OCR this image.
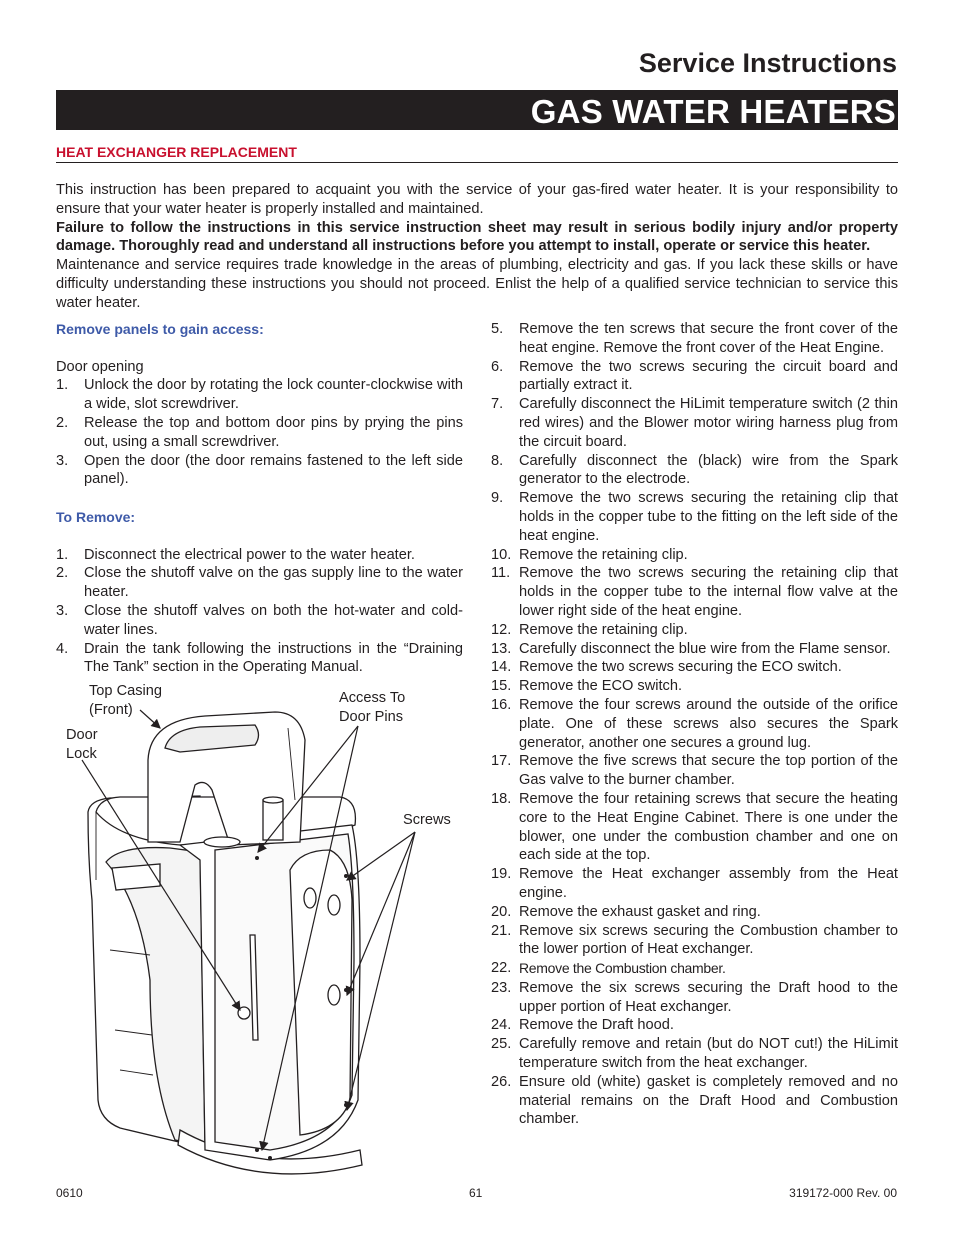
Service Instructions
GAS WATER HEATERS
HEAT EXCHANGER REPLACEMENT

This instruction has been prepared to acquaint you with the service of your gas-fired water heater. It is your responsibility to ensure that your water heater is properly installed and maintained.

Failure to follow the instructions in this service instruction sheet may result in serious bodily injury and/or property damage. Thoroughly read and understand all instructions before you attempt to install, operate or service this heater.

Maintenance and service requires trade knowledge in the areas of plumbing, electricity and gas. If you lack these skills or have difficulty understanding these instructions you should not proceed. Enlist the help of a qualified service technician to service this water heater.

Remove panels to gain access:
Door opening
1. Unlock the door by rotating the lock counter-clockwise with a wide, slot screwdriver.
2. Release the top and bottom door pins by prying the pins out, using a small screwdriver.
3. Open the door (the door remains fastened to the left side panel).
To Remove:
1. Disconnect the electrical power to the water heater.
2. Close the shutoff valve on the gas supply line to the water heater.
3. Close the shutoff valves on both the hot-water and cold-water lines.
4. Drain the tank following the instructions in the “Draining The Tank” section in the Operating Manual.
Top Casing
(Front)
Door
Lock
Access To
Door Pins
Screws
5. Remove the ten screws that secure the front cover of the heat engine. Remove the front cover of the Heat Engine.
6. Remove the two screws securing the circuit board and partially extract it.
7. Carefully disconnect the HiLimit temperature switch (2 thin red wires) and the Blower motor wiring harness plug from the circuit board.
8. Carefully disconnect the (black) wire from the Spark generator to the electrode.
9. Remove the two screws securing the retaining clip that holds in the copper tube to the fitting on the left side of the heat engine.
10. Remove the retaining clip.
11. Remove the two screws securing the retaining clip that holds in the copper tube to the internal flow valve at the lower right side of the heat engine.
12. Remove the retaining clip.
13. Carefully disconnect the blue wire from the Flame sensor.
14. Remove the two screws securing the ECO switch.
15. Remove the ECO switch.
16. Remove the four screws around the outside of the orifice plate. One of these screws also secures the Spark generator, another one secures a ground lug.
17. Remove the five screws that secure the top portion of the Gas valve to the burner chamber.
18. Remove the four retaining screws that secure the heating core to the Heat Engine Cabinet. There is one under the blower, one under the combustion chamber and one on each side at the top.
19. Remove the Heat exchanger assembly from the Heat engine.
20. Remove the exhaust gasket and ring.
21. Remove six screws securing the Combustion chamber to the lower portion of Heat exchanger.
22. Remove the Combustion chamber.
23. Remove the six screws securing the Draft hood to the upper portion of Heat exchanger.
24. Remove the Draft hood.
25. Carefully remove and retain (but do NOT cut!) the HiLimit temperature switch from the heat exchanger.
26. Ensure old (white) gasket is completely removed and no material remains on the Draft Hood and Combustion chamber.
0610	61	319172-000 Rev. 00
